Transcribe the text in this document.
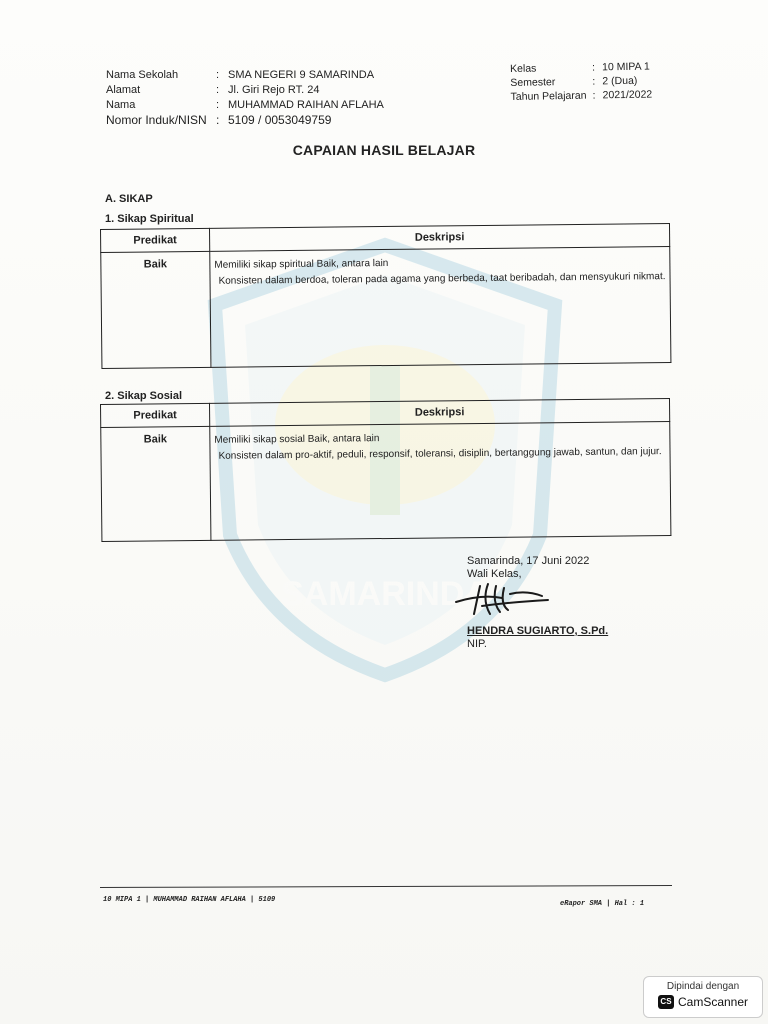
SAMARINDA
Nama Sekolah	: SMA NEGERI 9 SAMARINDA
Alamat	: Jl. Giri Rejo RT. 24
Nama	: MUHAMMAD RAIHAN AFLAHA
Nomor Induk/NISN : 5109 / 0053049759
Kelas	: 10 MIPA 1
Semester	: 2 (Dua)
Tahun Pelajaran : 2021/2022
CAPAIAN HASIL BELAJAR
A. SIKAP
1. Sikap Spiritual
Predikat	Deskripsi
Baik	Memiliki sikap spiritual Baik, antara lain
Konsisten dalam berdoa, toleran pada agama yang berbeda, taat beribadah, dan mensyukuri nikmat.
2. Sikap Sosial
Predikat	Deskripsi
Baik	Memiliki sikap sosial Baik, antara lain
Konsisten dalam pro-aktif, peduli, responsif, toleransi, disiplin, bertanggung jawab, santun, dan jujur.
Samarinda, 17 Juni 2022
Wali Kelas,
HENDRA SUGIARTO, S.Pd.
NIP.
10 MIPA 1 | MUHAMMAD RAIHAN AFLAHA | 5109	eRapor SMA | Hal : 1
Dipindai dengan
CS CamScanner
